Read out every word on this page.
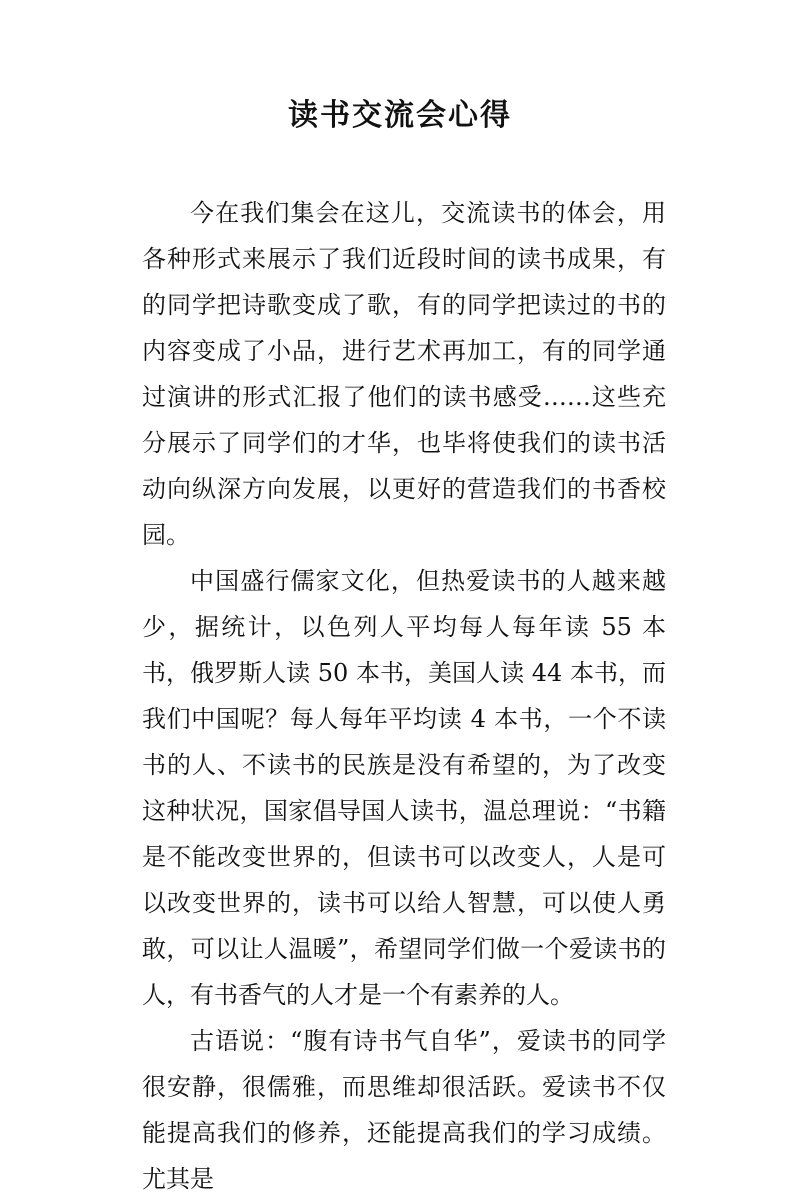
读书交流会心得

今在我们集会在这儿，交流读书的体会，用各种形式来展示了我们近段时间的读书成果，有的同学把诗歌变成了歌，有的同学把读过的书的内容变成了小品，进行艺术再加工，有的同学通过演讲的形式汇报了他们的读书感受……这些充分展示了同学们的才华，也毕将使我们的读书活动向纵深方向发展，以更好的营造我们的书香校园。

中国盛行儒家文化，但热爱读书的人越来越少，据统计，以色列人平均每人每年读 55 本书，俄罗斯人读 50 本书，美国人读 44 本书，而我们中国呢？每人每年平均读 4 本书，一个不读书的人、不读书的民族是没有希望的，为了改变这种状况，国家倡导国人读书，温总理说：“书籍是不能改变世界的，但读书可以改变人，人是可以改变世界的，读书可以给人智慧，可以使人勇敢，可以让人温暖”，希望同学们做一个爱读书的人，有书香气的人才是一个有素养的人。

古语说：“腹有诗书气自华”，爱读书的同学很安静，很儒雅，而思维却很活跃。爱读书不仅能提高我们的修养，还能提高我们的学习成绩。尤其是
